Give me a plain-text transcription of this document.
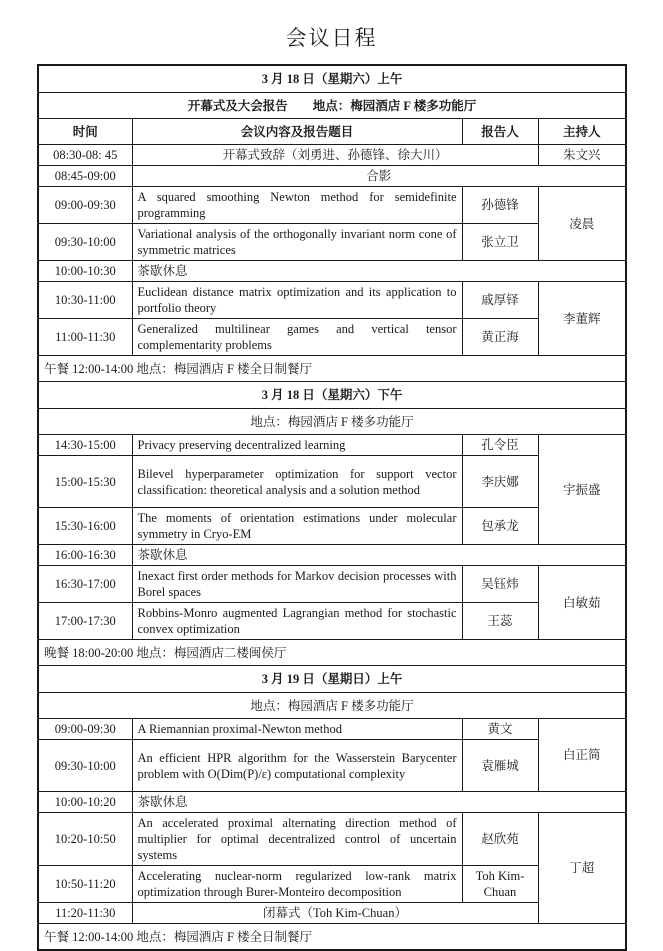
会议日程
3 月 18 日（星期六）上午			
开幕式及大会报告　　地点：梅园酒店 F 楼多功能厅			
时间	会议内容及报告题目	报告人	主持人
08:30-08: 45	开幕式致辞（刘勇进、孙德锋、徐大川）		朱文兴
08:45-09:00	合影		
09:00-09:30	A squared smoothing Newton method for semidefinite programming	孙德锋	凌晨
09:30-10:00	Variational analysis of the orthogonally invariant norm cone of symmetric matrices	张立卫	
10:00-10:30	茶歇休息		
10:30-11:00	Euclidean distance matrix optimization and its application to portfolio theory	戚厚铎	李董辉
11:00-11:30	Generalized multilinear games and vertical tensor complementarity problems	黄正海	
午餐 12:00-14:00 地点：梅园酒店 F 楼全日制餐厅			
3 月 18 日（星期六）下午			
地点：梅园酒店 F 楼多功能厅			
14:30-15:00	Privacy preserving decentralized learning	孔令臣	宇振盛
15:00-15:30	Bilevel hyperparameter optimization for support vector classification: theoretical analysis and a solution method	李庆娜	
15:30-16:00	The moments of orientation estimations under molecular symmetry in Cryo-EM	包承龙	
16:00-16:30	茶歇休息		
16:30-17:00	Inexact first order methods for Markov decision processes with Borel spaces	吴钰炜	白敏茹
17:00-17:30	Robbins-Monro augmented Lagrangian method for stochastic convex optimization	王蕊	
晚餐 18:00-20:00 地点：梅园酒店二楼闽侯厅			
3 月 19 日（星期日）上午			
地点：梅园酒店 F 楼多功能厅			
09:00-09:30	A Riemannian proximal-Newton method	黄文	白正简
09:30-10:00	An efficient HPR algorithm for the Wasserstein Barycenter problem with O(Dim(P)/ε) computational complexity	袁雁城	
10:00-10:20	茶歇休息		
10:20-10:50	An accelerated proximal alternating direction method of multiplier for optimal decentralized control of uncertain systems	赵欣苑	丁超
10:50-11:20	Accelerating nuclear-norm regularized low-rank matrix optimization through Burer-Monteiro decomposition	Toh Kim-Chuan	
11:20-11:30	闭幕式（Toh Kim-Chuan）		
午餐 12:00-14:00 地点：梅园酒店 F 楼全日制餐厅			
